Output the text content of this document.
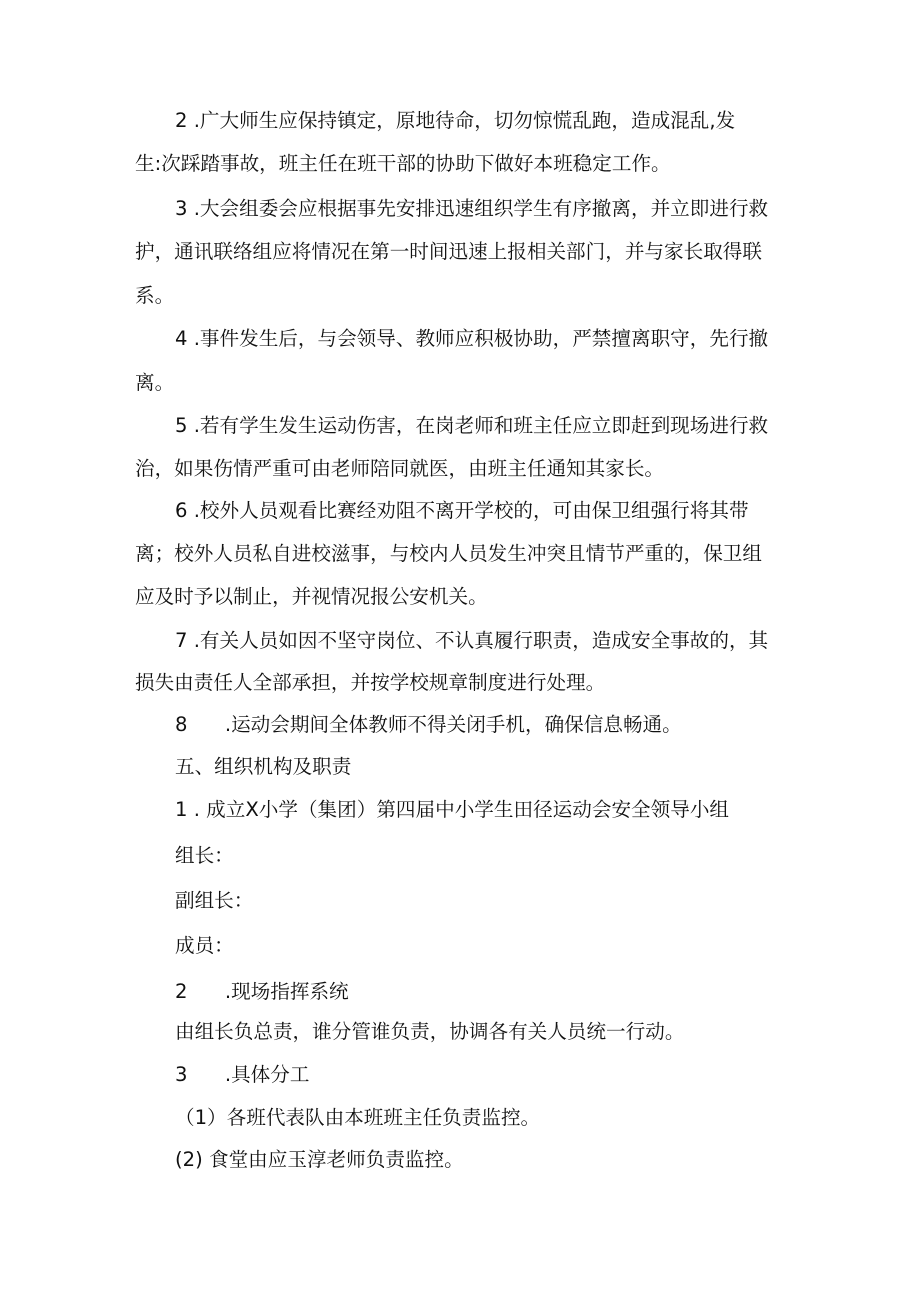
2 .广大师生应保持镇定，原地待命，切勿惊慌乱跑，造成混乱,发
生:次踩踏事故，班主任在班干部的协助下做好本班稳定工作。
3 .大会组委会应根据事先安排迅速组织学生有序撤离，并立即进行救
护，通讯联络组应将情况在第一时间迅速上报相关部门，并与家长取得联
系。
4 .事件发生后，与会领导、教师应积极协助，严禁擅离职守，先行撤
离。
5 .若有学生发生运动伤害，在岗老师和班主任应立即赶到现场进行救
治，如果伤情严重可由老师陪同就医，由班主任通知其家长。
6 .校外人员观看比赛经劝阻不离开学校的，可由保卫组强行将其带
离；校外人员私自进校滋事，与校内人员发生冲突且情节严重的，保卫组
应及时予以制止，并视情况报公安机关。
7 .有关人员如因不坚守岗位、不认真履行职责，造成安全事故的，其
损失由责任人全部承担，并按学校规章制度进行处理。
8      .运动会期间全体教师不得关闭手机，确保信息畅通。
五、组织机构及职责
1 . 成立X小学（集团）第四届中小学生田径运动会安全领导小组
组长：
副组长：
成员：
2      .现场指挥系统
由组长负总责，谁分管谁负责，协调各有关人员统一行动。
3      .具体分工
（1）各班代表队由本班班主任负责监控。
(2) 食堂由应玉淳老师负责监控。
